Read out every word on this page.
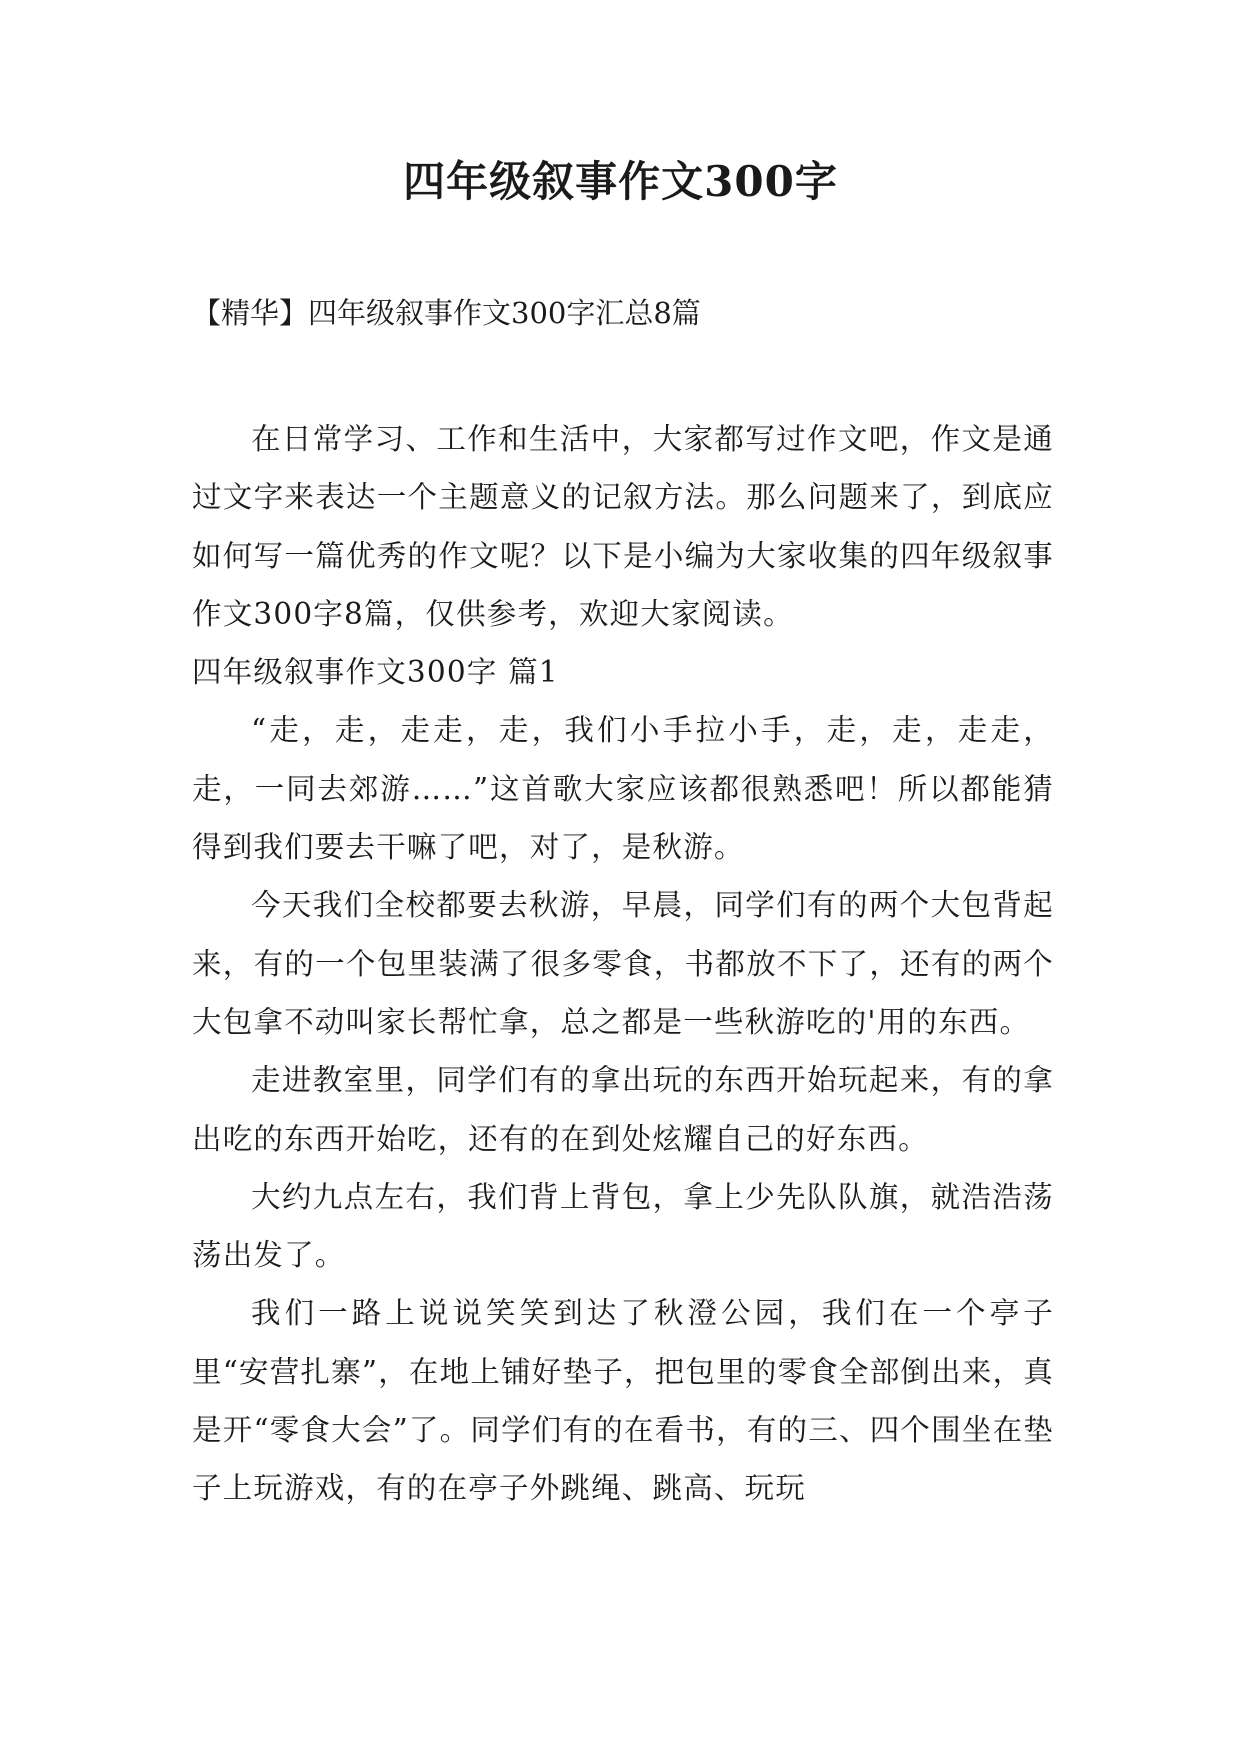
四年级叙事作文300字

【精华】四年级叙事作文300字汇总8篇

在日常学习、工作和生活中，大家都写过作文吧，作文是通过文字来表达一个主题意义的记叙方法。那么问题来了，到底应如何写一篇优秀的作文呢？以下是小编为大家收集的四年级叙事作文300字8篇，仅供参考，欢迎大家阅读。

四年级叙事作文300字 篇1

“走，走，走走，走，我们小手拉小手，走，走，走走，走，一同去郊游……”这首歌大家应该都很熟悉吧！所以都能猜得到我们要去干嘛了吧，对了，是秋游。

今天我们全校都要去秋游，早晨，同学们有的两个大包背起来，有的一个包里装满了很多零食，书都放不下了，还有的两个大包拿不动叫家长帮忙拿，总之都是一些秋游吃的'用的东西。

走进教室里，同学们有的拿出玩的东西开始玩起来，有的拿出吃的东西开始吃，还有的在到处炫耀自己的好东西。

大约九点左右，我们背上背包，拿上少先队队旗，就浩浩荡荡出发了。

我们一路上说说笑笑到达了秋澄公园，我们在一个亭子里“安营扎寨”，在地上铺好垫子，把包里的零食全部倒出来，真是开“零食大会”了。同学们有的在看书，有的三、四个围坐在垫子上玩游戏，有的在亭子外跳绳、跳高、玩玩
